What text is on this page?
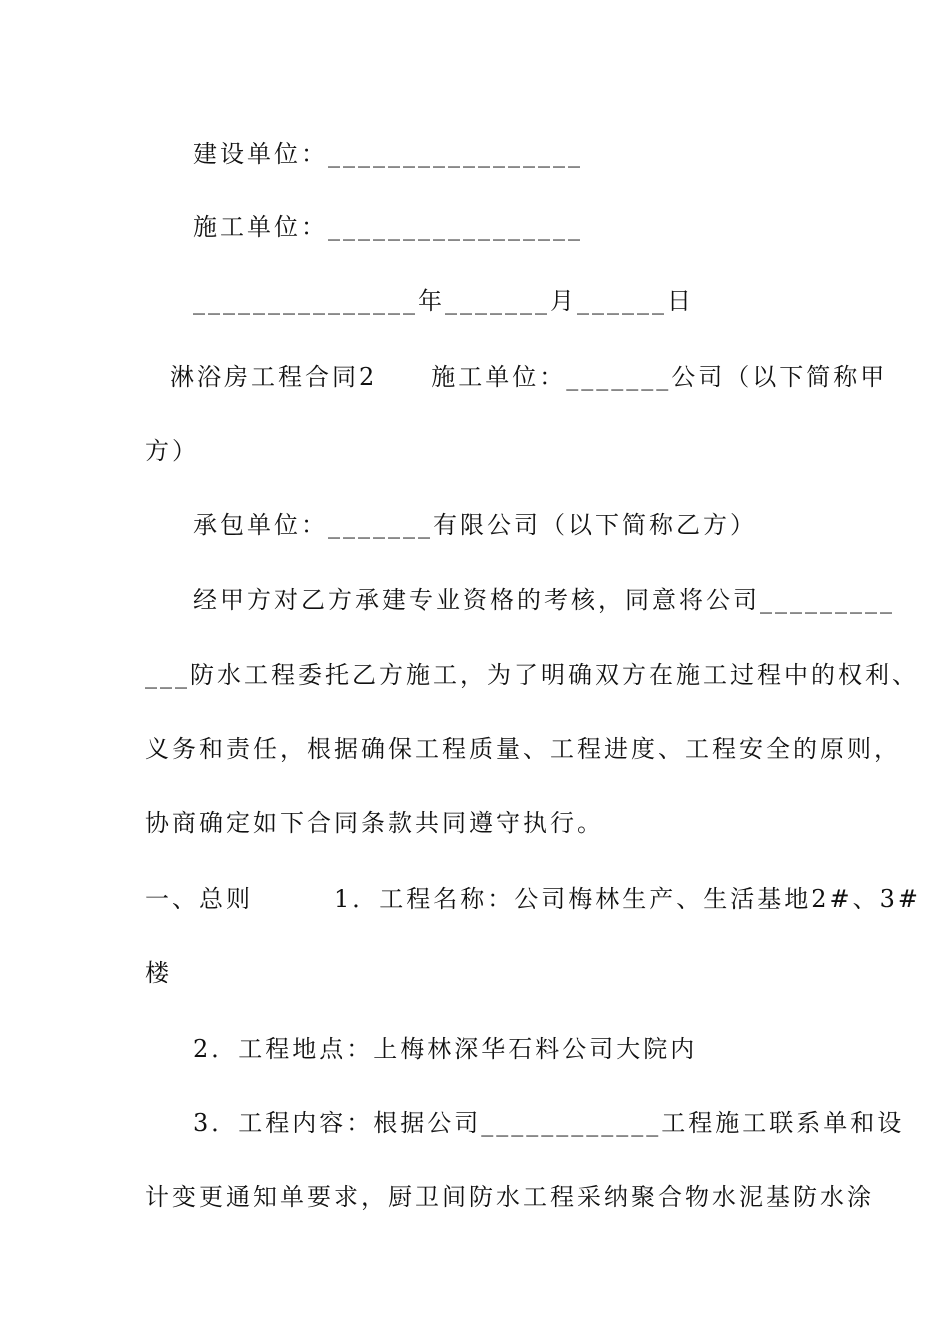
建设单位：_________________
施工单位：_________________
_______________年_______月______日
淋浴房工程合同2　　施工单位：_______公司（以下简称甲
方）
承包单位：_______有限公司（以下简称乙方）
经甲方对乙方承建专业资格的考核，同意将公司_________
___防水工程委托乙方施工，为了明确双方在施工过程中的权利、
义务和责任，根据确保工程质量、工程进度、工程安全的原则，
协商确定如下合同条款共同遵守执行。
一、总则　　　1．工程名称：公司梅林生产、生活基地2#、3#
楼
2．工程地点：上梅林深华石料公司大院内
3．工程内容：根据公司____________工程施工联系单和设
计变更通知单要求，厨卫间防水工程采纳聚合物水泥基防水涂
